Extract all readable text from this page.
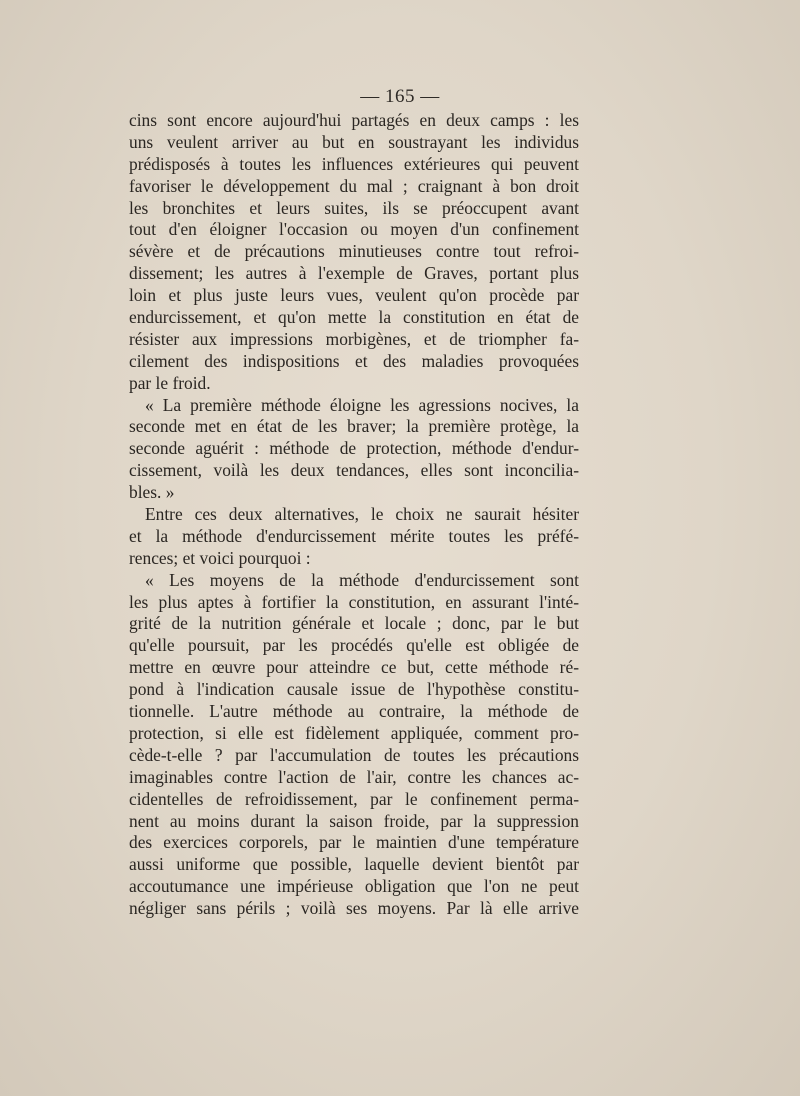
— 165 —
cins sont encore aujourd'hui partagés en deux camps : les
uns veulent arriver au but en soustrayant les individus
prédisposés à toutes les influences extérieures qui peuvent
favoriser le développement du mal ; craignant à bon droit
les bronchites et leurs suites, ils se préoccupent avant
tout d'en éloigner l'occasion ou moyen d'un confinement
sévère et de précautions minutieuses contre tout refroi-
dissement; les autres à l'exemple de Graves, portant plus
loin et plus juste leurs vues, veulent qu'on procède par
endurcissement, et qu'on mette la constitution en état de
résister aux impressions morbigènes, et de triompher fa-
cilement des indispositions et des maladies provoquées
par le froid.
« La première méthode éloigne les agressions nocives, la
seconde met en état de les braver; la première protège, la
seconde aguérit : méthode de protection, méthode d'endur-
cissement, voilà les deux tendances, elles sont inconcilia-
bles. »
Entre ces deux alternatives, le choix ne saurait hésiter
et la méthode d'endurcissement mérite toutes les préfé-
rences; et voici pourquoi :
« Les moyens de la méthode d'endurcissement sont
les plus aptes à fortifier la constitution, en assurant l'inté-
grité de la nutrition générale et locale ; donc, par le but
qu'elle poursuit, par les procédés qu'elle est obligée de
mettre en œuvre pour atteindre ce but, cette méthode ré-
pond à l'indication causale issue de l'hypothèse constitu-
tionnelle. L'autre méthode au contraire, la méthode de
protection, si elle est fidèlement appliquée, comment pro-
cède-t-elle ? par l'accumulation de toutes les précautions
imaginables contre l'action de l'air, contre les chances ac-
cidentelles de refroidissement, par le confinement perma-
nent au moins durant la saison froide, par la suppression
des exercices corporels, par le maintien d'une température
aussi uniforme que possible, laquelle devient bientôt par
accoutumance une impérieuse obligation que l'on ne peut
négliger sans périls ; voilà ses moyens. Par là elle arrive
